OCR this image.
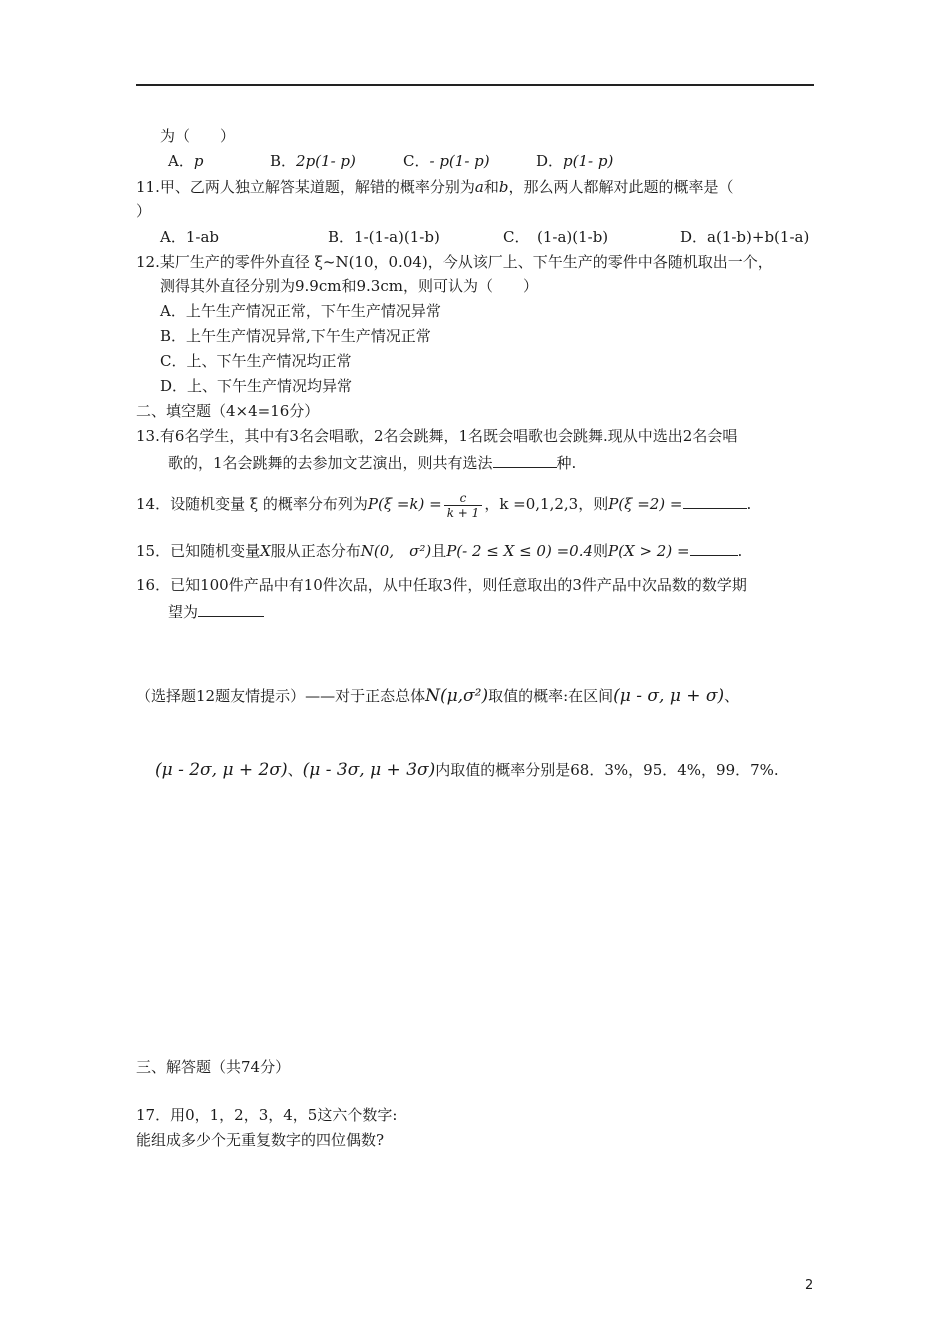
为（　　）
A．p	B．2p(1- p)	C．- p(1- p)	D．p(1- p)
11.甲、乙两人独立解答某道题，解错的概率分别为a和b，那么两人都解对此题的概率是（
）
A．1-ab	B．1-(1-a)(1-b)	C．　(1-a)(1-b)	D．a(1-b)+b(1-a)
12.某厂生产的零件外直径 ξ~N(10，0.04)，今从该厂上、下午生产的零件中各随机取出一个，
测得其外直径分别为9.9cm和9.3cm，则可认为（　　）
A．上午生产情况正常，下午生产情况异常
B．上午生产情况异常,下午生产情况正常
C．上、下午生产情况均正常
D．上、下午生产情况均异常
二、填空题（4×4=16分）
13.有6名学生，其中有3名会唱歌，2名会跳舞，1名既会唱歌也会跳舞.现从中选出2名会唱
歌的，1名会跳舞的去参加文艺演出，则共有选法	种.
14．设随机变量 ξ 的概率分布列为$P(\xi =k) = \frac{c}{k + 1}$ ，k =0,1,2,3，则P(ξ =2) =	.
15．已知随机变量X服从正态分布N(0,　σ²)且P(- 2 ≤ X ≤ 0) =0.4则P(X > 2) =	.
16．已知100件产品中有10件次品，从中任取3件，则任意取出的3件产品中次品数的数学期
望为
（选择题12题友情提示）——对于正态总体N(μ,σ²)取值的概率:在区间(μ - σ, μ + σ)、
(μ - 2σ, μ + 2σ)、(μ - 3σ, μ + 3σ)内取值的概率分别是68．3%，95．4%，99．7%.
三、解答题（共74分）
17．用0，1，2，3，4，5这六个数字:
能组成多少个无重复数字的四位偶数?
2
